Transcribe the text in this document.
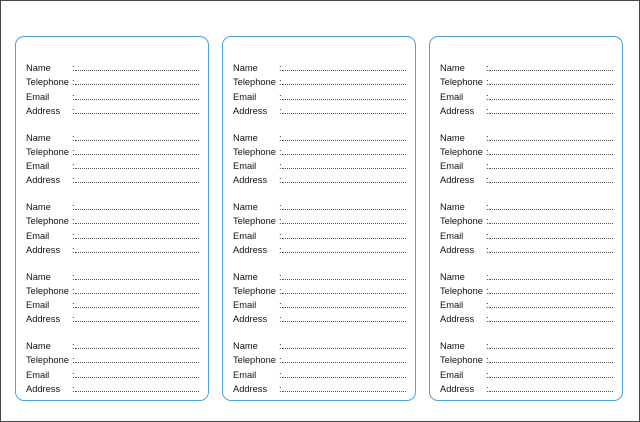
Name :
Telephone :
Email :
Address :
Name :
Telephone :
Email :
Address :
Name :
Telephone :
Email :
Address :
Name :
Telephone :
Email :
Address :
Name :
Telephone :
Email :
Address :
Name :
Telephone :
Email :
Address :
Name :
Telephone :
Email :
Address :
Name :
Telephone :
Email :
Address :
Name :
Telephone :
Email :
Address :
Name :
Telephone :
Email :
Address :
Name :
Telephone :
Email :
Address :
Name :
Telephone :
Email :
Address :
Name :
Telephone :
Email :
Address :
Name :
Telephone :
Email :
Address :
Name :
Telephone :
Email :
Address :
